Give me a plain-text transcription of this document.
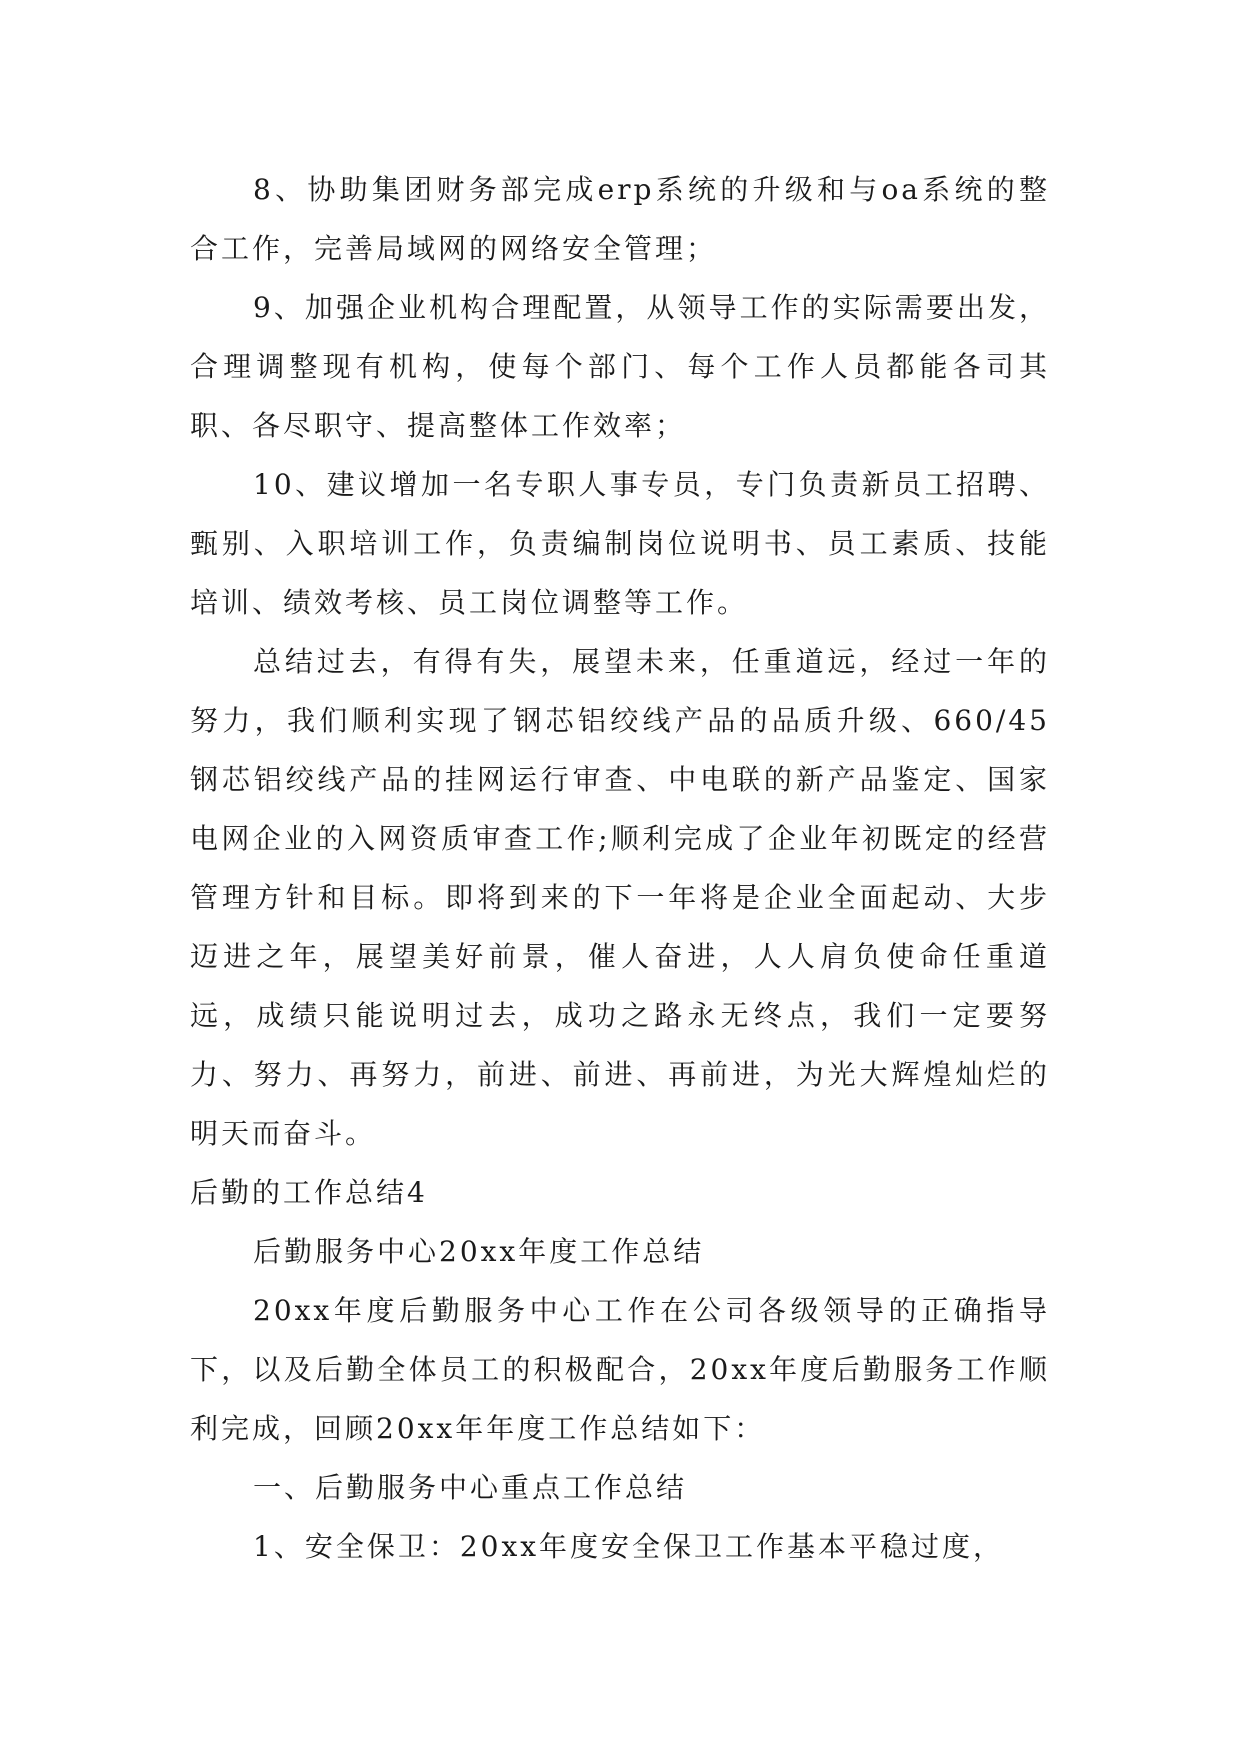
8、协助集团财务部完成erp系统的升级和与oa系统的整合工作，完善局域网的网络安全管理；

9、加强企业机构合理配置，从领导工作的实际需要出发，合理调整现有机构，使每个部门、每个工作人员都能各司其职、各尽职守、提高整体工作效率；

10、建议增加一名专职人事专员，专门负责新员工招聘、甄别、入职培训工作，负责编制岗位说明书、员工素质、技能培训、绩效考核、员工岗位调整等工作。

总结过去，有得有失，展望未来，任重道远，经过一年的努力，我们顺利实现了钢芯铝绞线产品的品质升级、660/45钢芯铝绞线产品的挂网运行审查、中电联的新产品鉴定、国家电网企业的入网资质审查工作;顺利完成了企业年初既定的经营管理方针和目标。即将到来的下一年将是企业全面起动、大步迈进之年，展望美好前景，催人奋进，人人肩负使命任重道远，成绩只能说明过去，成功之路永无终点，我们一定要努力、努力、再努力，前进、前进、再前进，为光大辉煌灿烂的明天而奋斗。

后勤的工作总结4

后勤服务中心20xx年度工作总结

20xx年度后勤服务中心工作在公司各级领导的正确指导下，以及后勤全体员工的积极配合，20xx年度后勤服务工作顺利完成，回顾20xx年年度工作总结如下：

一、后勤服务中心重点工作总结

1、安全保卫：20xx年度安全保卫工作基本平稳过度，
